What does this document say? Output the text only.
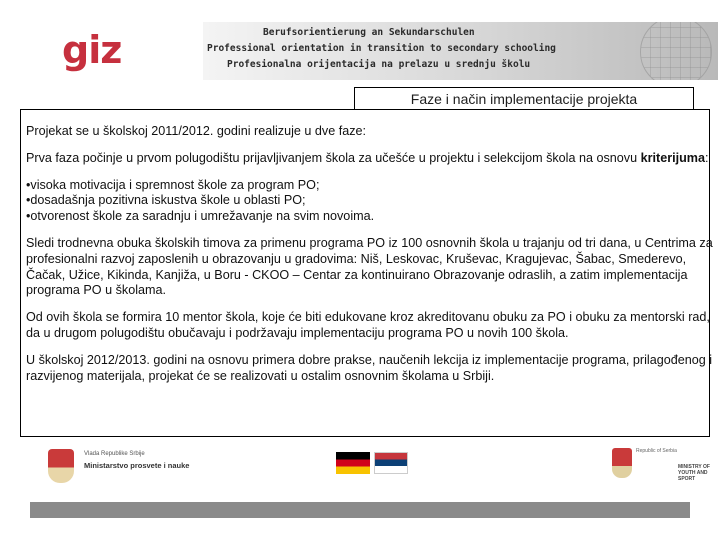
giz	Berufsorientierung an Sekundarschulen
Professional orientation in transition to secondary schooling
Profesionalna orijentacija na prelazu u srednju školu
Faze i način implementacije projekta
Vlada Republike Srbije
Ministarstvo prosvete i nauke
Republic of Serbia
MINISTRY OF YOUTH AND SPORT

Projekat se u školskoj 2011/2012. godini realizuje u dve faze:

Prva faza počinje u prvom polugodištu prijavljivanjem škola za učešće u projektu i selekcijom škola na osnovu kriterijuma:

•visoka motivacija i spremnost škole za program PO;
•dosadašnja pozitivna iskustva škole u oblasti PO;
•otvorenost škole za saradnju i umrežavanje na svim novoima.

Sledi trodnevna obuka školskih timova za primenu programa PO iz 100 osnovnih škola u trajanju od tri dana, u Centrima za profesionalni razvoj zaposlenih u obrazovanju u gradovima: Niš, Leskovac, Kruševac, Kragujevac, Šabac, Smederevo, Čačak, Užice, Kikinda, Kanjiža, u Boru - CKOO – Centar za kontinuirano Obrazovanje odraslih, a zatim implementacija programa PO u školama.

Od ovih škola se formira 10 mentor škola, koje će biti edukovane kroz akreditovanu obuku za PO i obuku za mentorski rad, da u drugom polugodištu obučavaju i podržavaju implementaciju programa PO u novih 100 škola.

U školskoj 2012/2013. godini na osnovu primera dobre prakse, naučenih lekcija iz implementacije programa, prilagođenog i razvijenog materijala, projekat će se realizovati u ostalim osnovnim školama u Srbiji.
